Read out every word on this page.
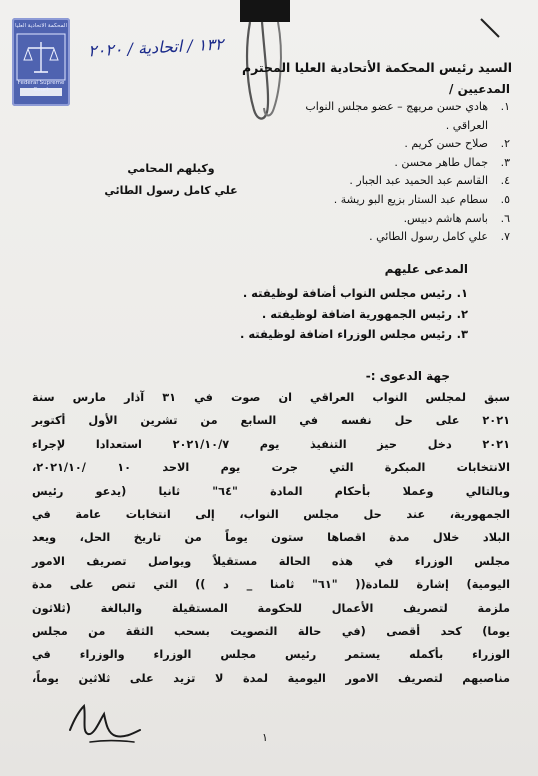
المحكمة الاتحادية العليا
Federal Supreme Court
١٣٢ / اتحادية / ٢٠٢٠
السيد رئيس المحكمة الأتحادية العليا المحترم
المدعيين /
١.
هادي حسن مريهج – عضو مجلس النواب العراقي .
٢.
صلاح حسن كريم .
٣.
جمال طاهر محسن .
٤.
القاسم عبد الحميد عبد الجبار .
٥.
سطام عبد الستار بزيع البو ريشة .
٦.
باسم هاشم دبيس.
٧.
علي كامل رسول الطائي .
وكيلهم المحامي
علي كامل رسول الطائي
المدعى عليهم
١.
رئيس مجلس النواب أضافة لوظيفته .
٢.
رئيس الجمهورية اضافة لوظيفته .
٣.
رئيس مجلس الوزراء اضافة لوظيفته .
جهة الدعوى :-
سبق لمجلس النواب العراقي ان صوت في ٣١ آذار مارس سنة
٢٠٢١ على حل نفسه في السابع من تشرين الأول أكتوبر
٢٠٢١ دخل حيز التنفيذ يوم ٢٠٢١/١٠/٧ استعدادا لإجراء
الانتخابات المبكرة التي جرت يوم الاحد ١٠ /٢٠٢١/١٠،
وبالتالي وعملا بأحكام المادة "٦٤" ثانيا (يدعو رئيس
الجمهورية، عند حل مجلس النواب، إلى انتخابات عامة في
البلاد خلال مدة اقصاها ستون يوماً من تاريخ الحل، ويعد
مجلس الوزراء في هذه الحالة مستقيلاً ويواصل تصريف الامور
اليومية) إشارة للمادة(( "٦١" ثامنا _ د )) التي تنص على مدة
ملزمة لتصريف الأعمال للحكومة المستقيلة والبالغة (ثلاثون
يوما) كحد أقصى (في حالة التصويت بسحب الثقة من مجلس
الوزراء بأكمله يستمر رئيس مجلس الوزراء والوزراء في
مناصبهم لتصريف الامور اليومية لمدة لا تزيد على ثلاثين يوماً،
١
